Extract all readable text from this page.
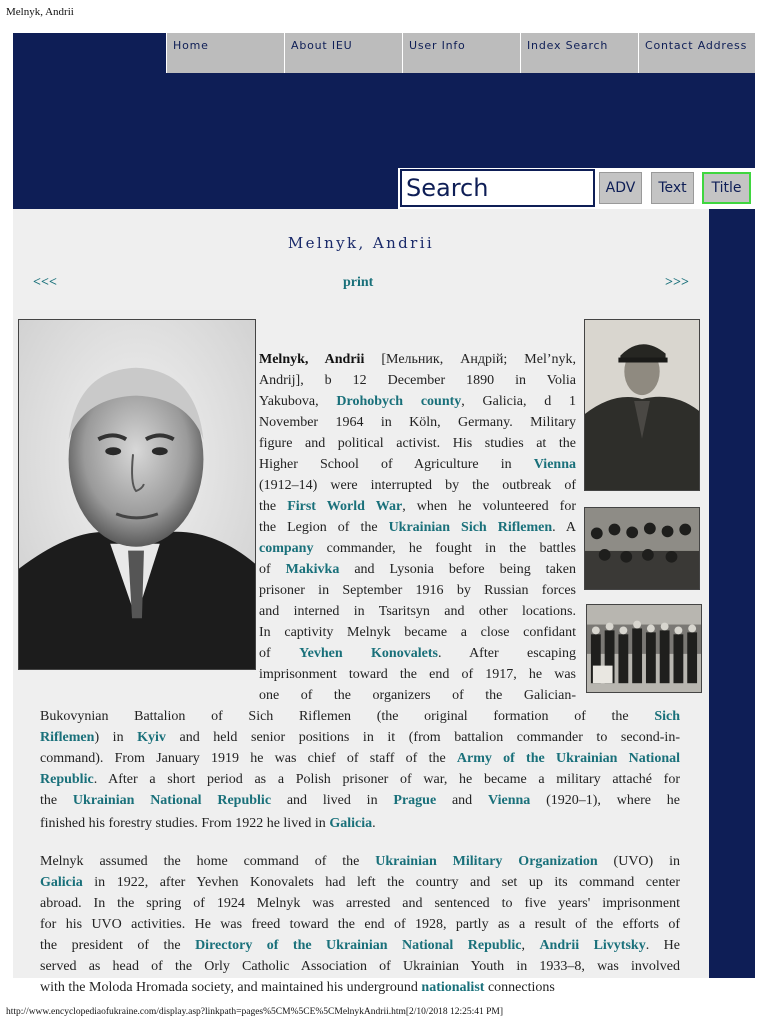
Melnyk, Andrii
Home	About IEU	User Info	Index Search	Contact Address
Search
ADV	Text	Title
Melnyk, Andrii
<<<	print	>>>
Melnyk, Andrii [Мельник, Андрій; Mel’nyk,
Andrij], b 12 December 1890 in Volia
Yakubova, Drohobych county, Galicia, d 1
November 1964 in Köln, Germany. Military
figure and political activist. His studies at the
Higher School of Agriculture in Vienna
(1912–14) were interrupted by the outbreak of
the First World War, when he volunteered for
the Legion of the Ukrainian Sich Riflemen. A
company commander, he fought in the battles
of Makivka and Lysonia before being taken
prisoner in September 1916 by Russian forces
and interned in Tsaritsyn and other locations.
In captivity Melnyk became a close confidant
of Yevhen Konovalets. After escaping
imprisonment toward the end of 1917, he was
one of the organizers of the Galician-
Bukovynian Battalion of Sich Riflemen (the original formation of the Sich
Riflemen) in Kyiv and held senior positions in it (from battalion commander to second-in-
command). From January 1919 he was chief of staff of the Army of the Ukrainian National
Republic. After a short period as a Polish prisoner of war, he became a military attaché for
the Ukrainian National Republic and lived in Prague and Vienna (1920–1), where he
finished his forestry studies. From 1922 he lived in Galicia.
Melnyk assumed the home command of the Ukrainian Military Organization (UVO) in
Galicia in 1922, after Yevhen Konovalets had left the country and set up its command center
abroad. In the spring of 1924 Melnyk was arrested and sentenced to five years' imprisonment
for his UVO activities. He was freed toward the end of 1928, partly as a result of the efforts of
the president of the Directory of the Ukrainian National Republic, Andrii Livytsky. He
served as head of the Orly Catholic Association of Ukrainian Youth in 1933–8, was involved
with the Moloda Hromada society, and maintained his underground nationalist connections
http://www.encyclopediaofukraine.com/display.asp?linkpath=pages%5CM%5CE%5CMelnykAndrii.htm[2/10/2018 12:25:41 PM]
